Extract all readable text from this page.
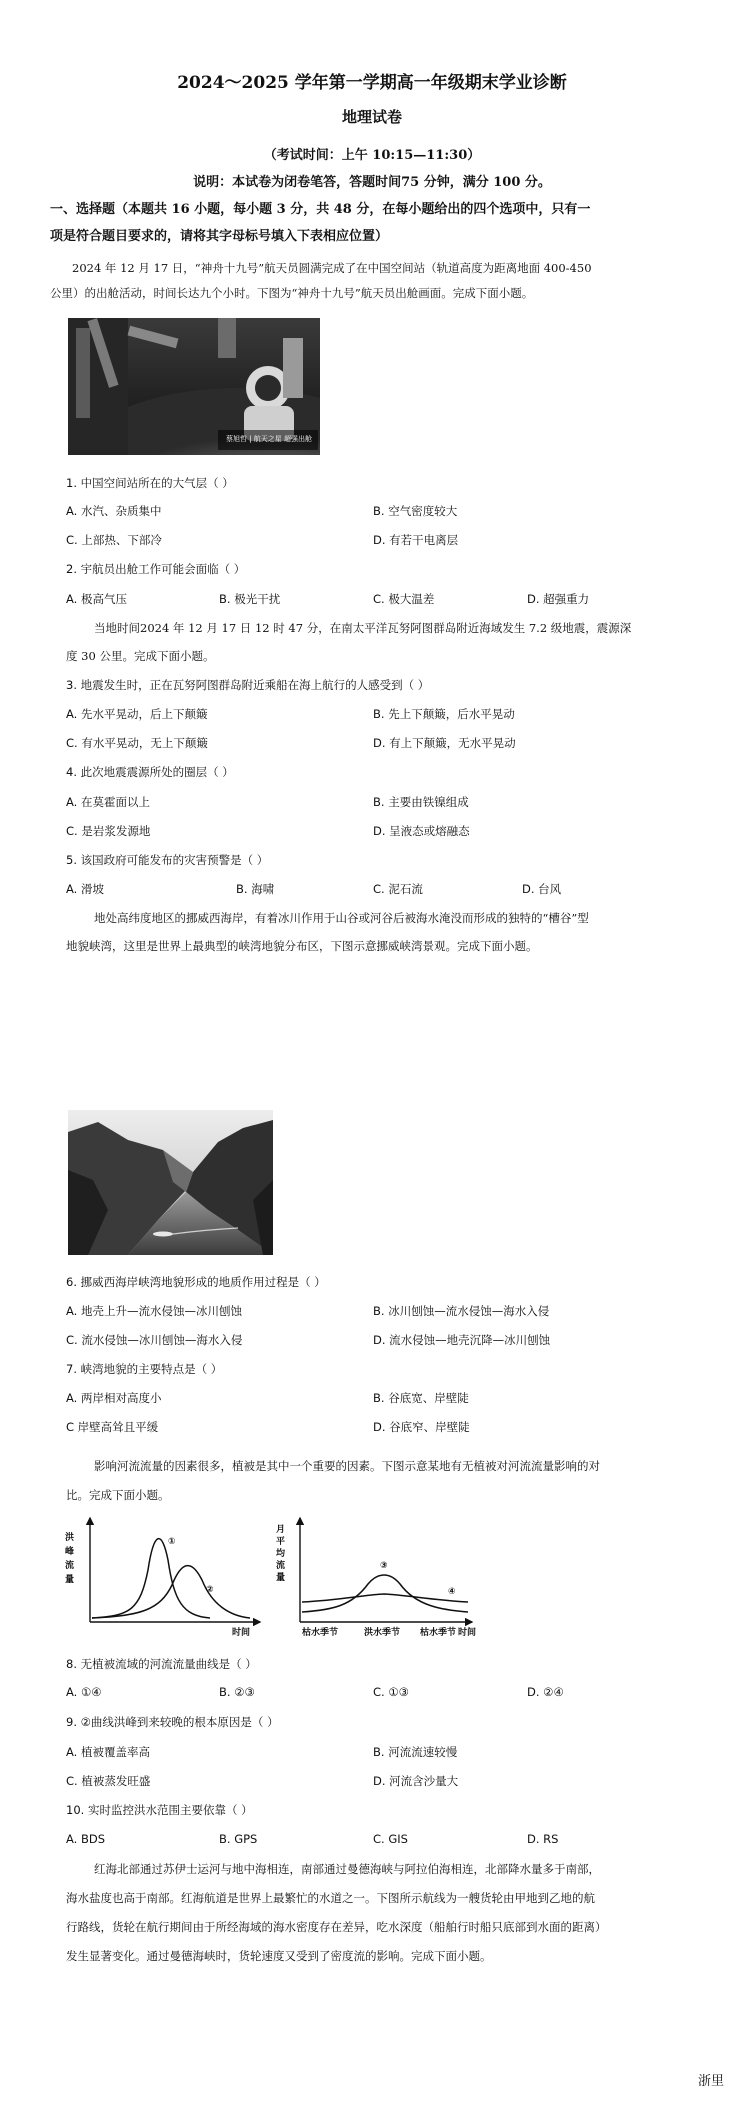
2024～2025 学年第一学期高一年级期末学业诊断
地理试卷
（考试时间：上午 10:15—11:30）
说明：本试卷为闭卷笔答，答题时间75 分钟，满分 100 分。
一、选择题（本题共 16 小题，每小题 3 分，共 48 分，在每小题给出的四个选项中，只有一
项是符合题目要求的，请将其字母标号填入下表相应位置）
2024 年 12 月 17 日，“神舟十九号”航天员圆满完成了在中国空间站（轨道高度为距离地面 400-450
公里）的出舱活动，时间长达九个小时。下图为“神舟十九号”航天员出舱画面。完成下面小题。
蔡旭哲 | 航天之星 超强出舱
1. 中国空间站所在的大气层（ ）
A. 水汽、杂质集中	B. 空气密度较大
C. 上部热、下部冷	D. 有若干电离层
2. 宇航员出舱工作可能会面临（ ）
A. 极高气压	B. 极光干扰	C. 极大温差	D. 超强重力
当地时间2024 年 12 月 17 日 12 时 47 分，在南太平洋瓦努阿图群岛附近海域发生 7.2 级地震，震源深
度 30 公里。完成下面小题。
3. 地震发生时，正在瓦努阿图群岛附近乘船在海上航行的人感受到（ ）
A. 先水平晃动，后上下颠簸	B. 先上下颠簸，后水平晃动
C. 有水平晃动，无上下颠簸	D. 有上下颠簸，无水平晃动
4. 此次地震震源所处的圈层（ ）
A. 在莫霍面以上	B. 主要由铁镍组成
C. 是岩浆发源地	D. 呈液态或熔融态
5. 该国政府可能发布的灾害预警是（ ）
A. 滑坡	B. 海啸	C. 泥石流	D. 台风
地处高纬度地区的挪威西海岸，有着冰川作用于山谷或河谷后被海水淹没而形成的独特的“槽谷”型
地貌峡湾，这里是世界上最典型的峡湾地貌分布区，下图示意挪威峡湾景观。完成下面小题。
6. 挪威西海岸峡湾地貌形成的地质作用过程是（ ）
A. 地壳上升—流水侵蚀—冰川刨蚀	B. 冰川刨蚀—流水侵蚀—海水入侵
C. 流水侵蚀—冰川刨蚀—海水入侵	D. 流水侵蚀—地壳沉降—冰川刨蚀
7. 峡湾地貌的主要特点是（ ）
A. 两岸相对高度小	B. 谷底宽、岸壁陡
C 岸壁高耸且平缓	D. 谷底窄、岸壁陡
影响河流流量的因素很多，植被是其中一个重要的因素。下图示意某地有无植被对河流流量影响的对
比。完成下面小题。
洪
峰
流
量
①
②
时间
月
平
均
流
量
③
④
枯水季节	洪水季节 枯水季节 时间
8. 无植被流域的河流流量曲线是（ ）
A. ①④	B. ②③	C. ①③	D. ②④
9. ②曲线洪峰到来较晚的根本原因是（ ）
A. 植被覆盖率高	B. 河流流速较慢
C. 植被蒸发旺盛	D. 河流含沙量大
10. 实时监控洪水范围主要依靠（ ）
A. BDS	B. GPS	C. GIS	D. RS
红海北部通过苏伊士运河与地中海相连，南部通过曼德海峡与阿拉伯海相连，北部降水量多于南部，
海水盐度也高于南部。红海航道是世界上最繁忙的水道之一。下图所示航线为一艘货轮由甲地到乙地的航
行路线，货轮在航行期间由于所经海域的海水密度存在差异，吃水深度（船舶行时船只底部到水面的距离）
发生显著变化。通过曼德海峡时，货轮速度又受到了密度流的影响。完成下面小题。
浙里
